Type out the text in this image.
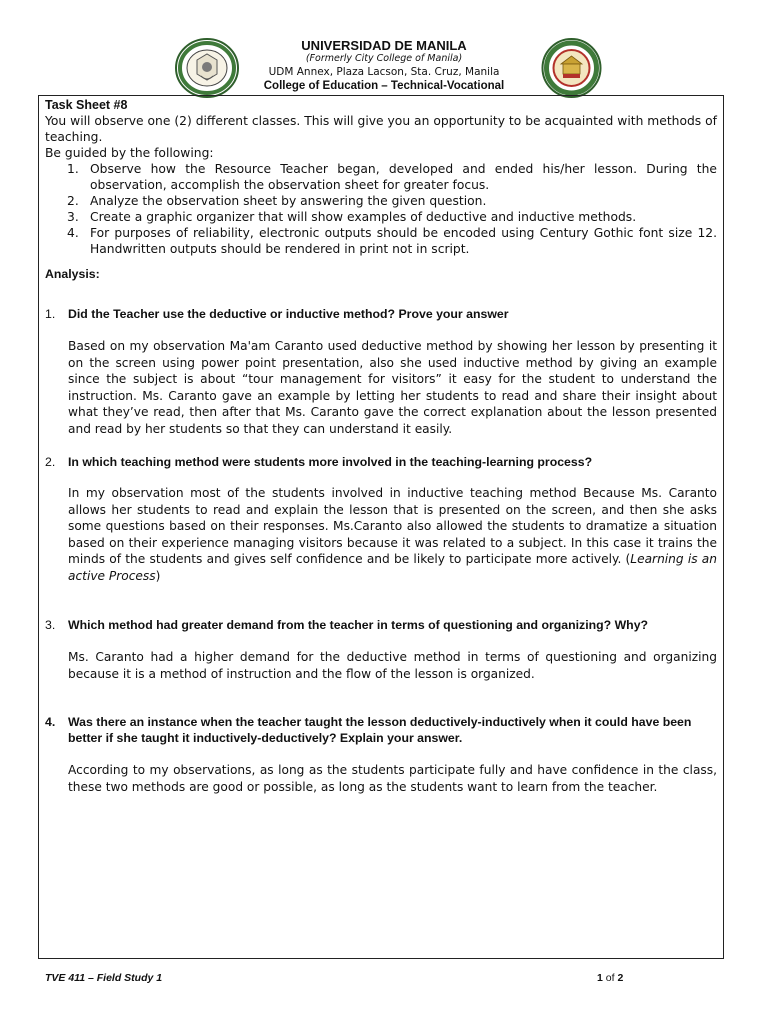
UNIVERSIDAD DE MANILA
(Formerly City College of Manila)
UDM Annex, Plaza Lacson, Sta. Cruz, Manila
College of Education – Technical-Vocational
Task Sheet #8
You will observe one (2) different classes. This will give you an opportunity to be acquainted with methods of teaching.
Be guided by the following:
1. Observe how the Resource Teacher began, developed and ended his/her lesson. During the observation, accomplish the observation sheet for greater focus.
2. Analyze the observation sheet by answering the given question.
3. Create a graphic organizer that will show examples of deductive and inductive methods.
4. For purposes of reliability, electronic outputs should be encoded using Century Gothic font size 12. Handwritten outputs should be rendered in print not in script.
Analysis:
1.	Did the Teacher use the deductive or inductive method? Prove your answer
Based on my observation Ma'am Caranto used deductive method by showing her lesson by presenting it on the screen using power point presentation, also she used inductive method by giving an example since the subject is about “tour management for visitors” it easy for the student to understand the instruction. Ms. Caranto gave an example by letting her students to read and share their insight about what they’ve read, then after that Ms. Caranto gave the correct explanation about the lesson presented and read by her students so that they can understand it easily.
2.	In which teaching method were students more involved in the teaching-learning process?
In my observation most of the students involved in inductive teaching method Because Ms. Caranto allows her students to read and explain the lesson that is presented on the screen, and then she asks some questions based on their responses. Ms.Caranto also allowed the students to dramatize a situation based on their experience managing visitors because it was related to a subject. In this case it trains the minds of the students and gives self confidence and be likely to participate more actively. (Learning is an active Process)
3.	Which method had greater demand from the teacher in terms of questioning and organizing? Why?
Ms. Caranto had a higher demand for the deductive method in terms of questioning and organizing because it is a method of instruction and the flow of the lesson is organized.
4.	Was there an instance when the teacher taught the lesson deductively-inductively when it could have been better if she taught it inductively-deductively? Explain your answer.
According to my observations, as long as the students participate fully and have confidence in the class, these two methods are good or possible, as long as the students want to learn from the teacher.
TVE 411 – Field Study 1	1 of 2
